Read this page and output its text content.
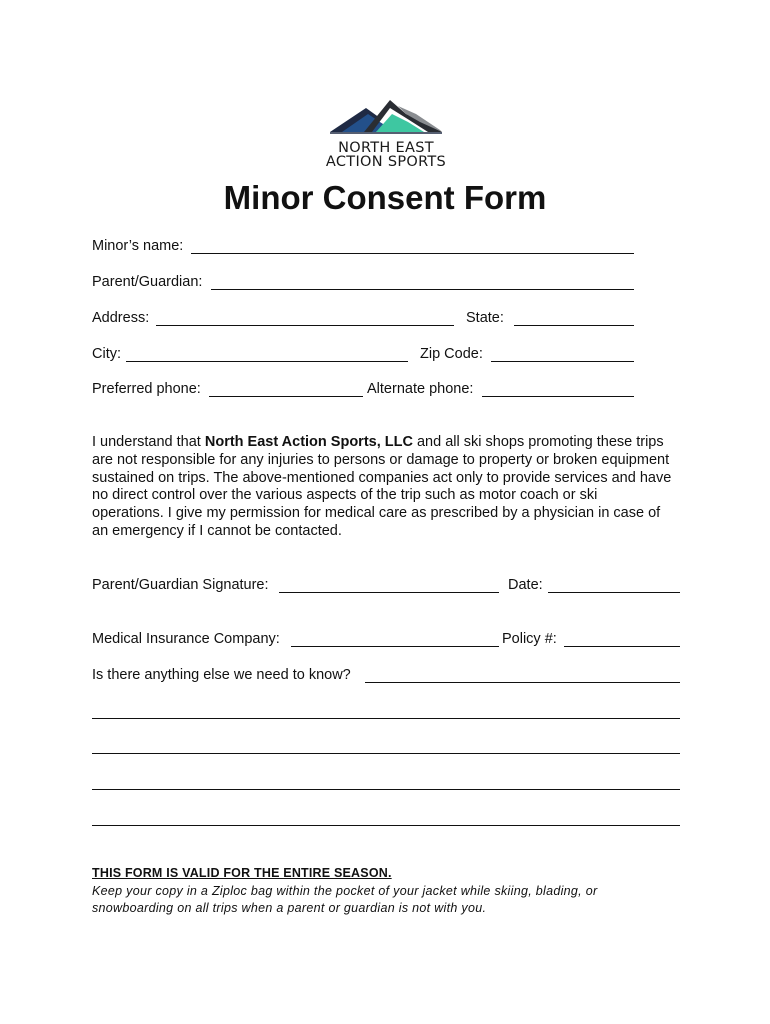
NORTH EAST
ACTION SPORTS
Minor Consent Form
Minor’s name:
Parent/Guardian:
Address:	State:
City:	Zip Code:
Preferred phone:	Alternate phone:

I understand that North East Action Sports, LLC and all ski shops promoting these trips are not responsible for any injuries to persons or damage to property or broken equipment sustained on trips. The above-mentioned companies act only to provide services and have no direct control over the various aspects of the trip such as motor coach or ski operations. I give my permission for medical care as prescribed by a physician in case of an emergency if I cannot be contacted.

Parent/Guardian Signature:	Date:
Medical Insurance Company:	Policy #:
Is there anything else we need to know?
THIS FORM IS VALID FOR THE ENTIRE SEASON.

Keep your copy in a Ziploc bag within the pocket of your jacket while skiing, blading, or snowboarding on all trips when a parent or guardian is not with you.
